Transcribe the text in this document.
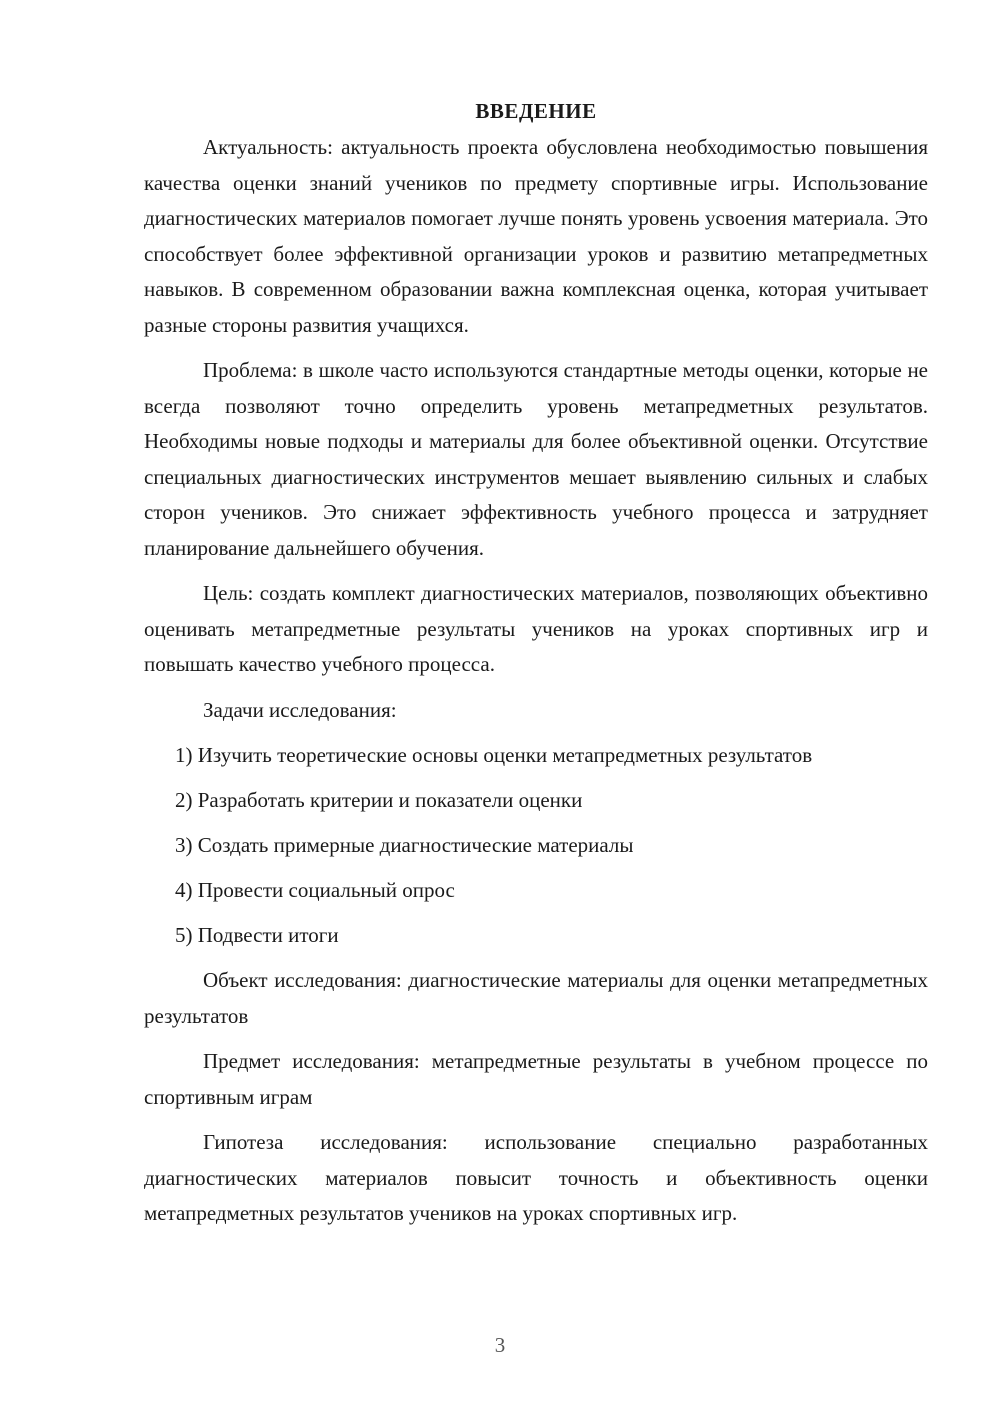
ВВЕДЕНИЕ

Актуальность: актуальность проекта обусловлена необходимостью повышения качества оценки знаний учеников по предмету спортивные игры. Использование диагностических материалов помогает лучше понять уровень усвоения материала. Это способствует более эффективной организации уроков и развитию метапредметных навыков. В современном образовании важна комплексная оценка, которая учитывает разные стороны развития учащихся.

Проблема: в школе часто используются стандартные методы оценки, которые не всегда позволяют точно определить уровень метапредметных результатов. Необходимы новые подходы и материалы для более объективной оценки. Отсутствие специальных диагностических инструментов мешает выявлению сильных и слабых сторон учеников. Это снижает эффективность учебного процесса и затрудняет планирование дальнейшего обучения.

Цель: создать комплект диагностических материалов, позволяющих объективно оценивать метапредметные результаты учеников на уроках спортивных игр и повышать качество учебного процесса.

Задачи исследования:

1) Изучить теоретические основы оценки метапредметных результатов
2) Разработать критерии и показатели оценки
3) Создать примерные диагностические материалы
4) Провести социальный опрос
5) Подвести итоги

Объект исследования: диагностические материалы для оценки метапредметных результатов

Предмет исследования: метапредметные результаты в учебном процессе по спортивным играм

Гипотеза исследования: использование специально разработанных диагностических материалов повысит точность и объективность оценки метапредметных результатов учеников на уроках спортивных игр.

3
